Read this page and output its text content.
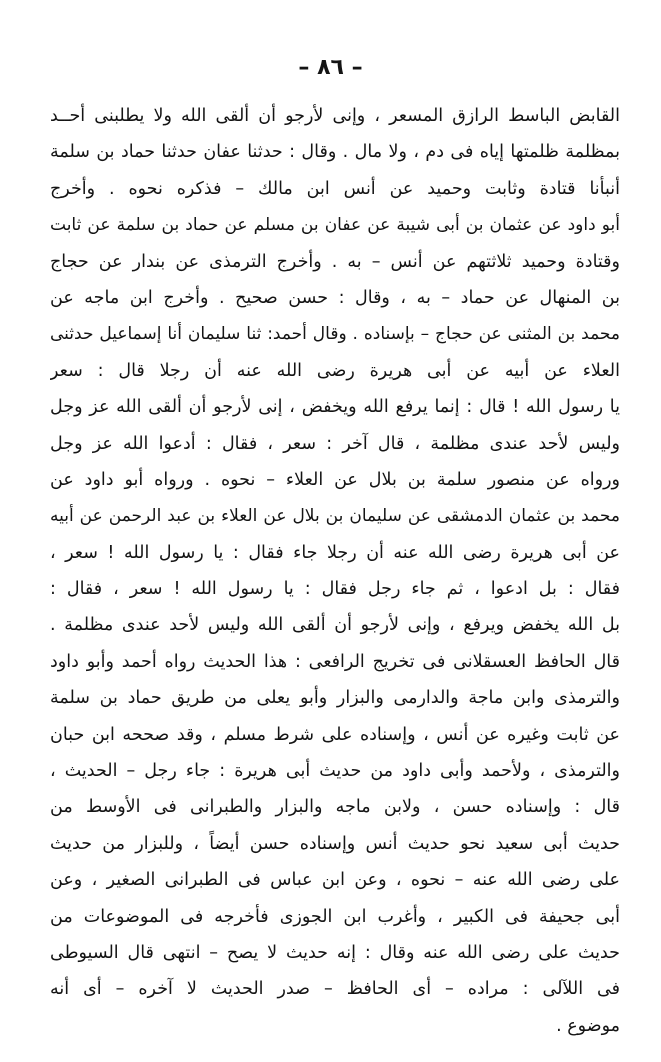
– ٨٦ –
القابض الباسط الرازق المسعر ، وإنى لأرجو أن ألقى الله ولا يطلبنى أحــد
بمظلمة ظلمتها إياه فى دم ، ولا مال . وقال : حدثنا عفان حدثنا حماد بن سلمة
أنبأنا قتادة وثابت وحميد عن أنس ابن مالك – فذكره نحوه . وأخرج
أبو داود عن عثمان بن أبى شيبة عن عفان بن مسلم عن حماد بن سلمة عن ثابت
وقتادة وحميد ثلاثتهم عن أنس – به . وأخرج الترمذى عن بندار عن حجاج
بن المنهال عن حماد – به ، وقال : حسن صحيح . وأخرج ابن ماجه عن
محمد بن المثنى عن حجاج – بإسناده . وقال أحمد: ثنا سليمان أنا إسماعيل حدثنى
العلاء عن أبيه عن أبى هريرة رضى الله عنه أن رجلا قال : سعر
يا رسول الله ! قال : إنما يرفع الله ويخفض ، إنى لأرجو أن ألقى الله عز وجل
وليس لأحد عندى مظلمة ، قال آخر : سعر ، فقال : أدعوا الله عز وجل
ورواه عن منصور سلمة بن بلال عن العلاء – نحوه . ورواه أبو داود عن
محمد بن عثمان الدمشقى عن سليمان بن بلال عن العلاء بن عبد الرحمن عن أبيه
عن أبى هريرة رضى الله عنه أن رجلا جاء فقال : يا رسول الله ! سعر ،
فقال : بل ادعوا ، ثم جاء رجل فقال : يا رسول الله ! سعر ، فقال :
بل الله يخفض ويرفع ، وإنى لأرجو أن ألقى الله وليس لأحد عندى مظلمة .
قال الحافظ العسقلانى فى تخريج الرافعى : هذا الحديث رواه أحمد وأبو داود
والترمذى وابن ماجة والدارمى والبزار وأبو يعلى من طريق حماد بن سلمة
عن ثابت وغيره عن أنس ، وإسناده على شرط مسلم ، وقد صححه ابن حبان
والترمذى ، ولأحمد وأبى داود من حديث أبى هريرة : جاء رجل – الحديث ،
قال : وإسناده حسن ، ولابن ماجه والبزار والطبرانى فى الأوسط من
حديث أبى سعيد نحو حديث أنس وإسناده حسن أيضاً ، وللبزار من حديث
على رضى الله عنه – نحوه ، وعن ابن عباس فى الطبرانى الصغير ، وعن
أبى جحيفة فى الكبير ، وأغرب ابن الجوزى فأخرجه فى الموضوعات من
حديث على رضى الله عنه وقال : إنه حديث لا يصح – انتهى قال السيوطى
فى اللآلى : مراده – أى الحافظ – صدر الحديث لا آخره – أى أنه
موضوع .
